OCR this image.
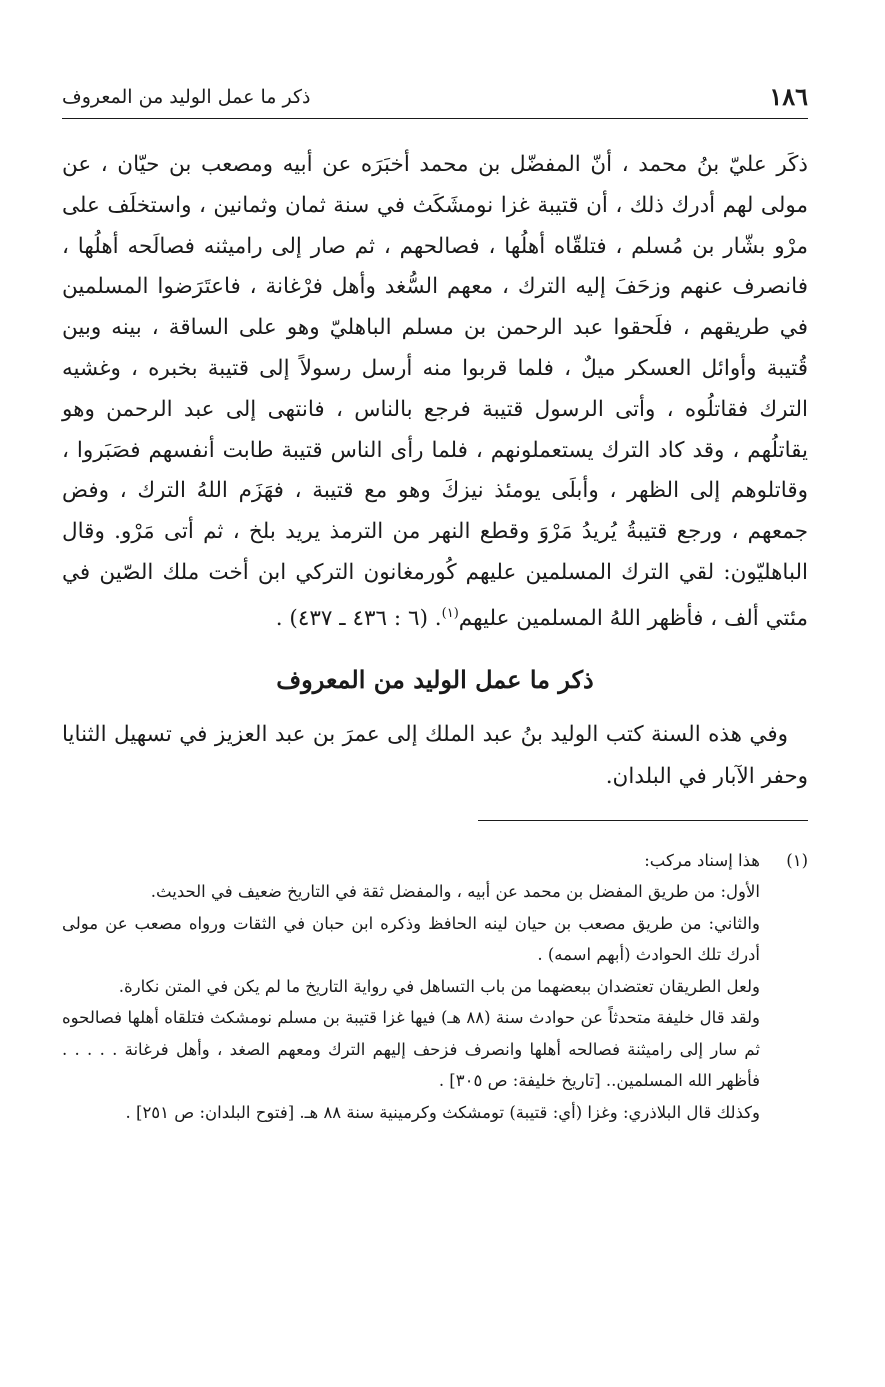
١٨٦
ذكر ما عمل الوليد من المعروف

ذكَر عليّ بنُ محمد ، أنّ المفضّل بن محمد أخبَرَه عن أبيه ومصعب بن حيّان ، عن مولى لهم أدرك ذلك ، أن قتيبة غزا نومشَكَث في سنة ثمان وثمانين ، واستخلَف على مرْو بشّار بن مُسلم ، فتلقّاه أهلُها ، فصالحهم ، ثم صار إلى راميثنه فصالَحه أهلُها ، فانصرف عنهم وزحَفَ إليه الترك ، معهم السُّغد وأهل فرْغانة ، فاعتَرَضوا المسلمين في طريقهم ، فلَحقوا عبد الرحمن بن مسلم الباهليّ وهو على الساقة ، بينه وبين قُتيبة وأوائل العسكر ميلٌ ، فلما قربوا منه أرسل رسولاً إلى قتيبة بخبره ، وغشيه الترك فقاتلُوه ، وأتى الرسول قتيبة فرجع بالناس ، فانتهى إلى عبد الرحمن وهو يقاتلُهم ، وقد كاد الترك يستعملونهم ، فلما رأى الناس قتيبة طابت أنفسهم فصَبَروا ، وقاتلوهم إلى الظهر ، وأبلَى يومئذ نيزكَ وهو مع قتيبة ، فهَزَم اللهُ الترك ، وفض جمعهم ، ورجع قتيبةُ يُريدُ مَرْوَ وقطع النهر من الترمذ يريد بلخ ، ثم أتى مَرْو. وقال الباهليّون: لقي الترك المسلمين عليهم كُورمغانون التركي ابن أخت ملك الصّين في مئتي ألف ، فأظهر اللهُ المسلمين عليهم$^{(١)}$. (٦ : ٤٣٦ ـ ٤٣٧) .

ذكر ما عمل الوليد من المعروف

وفي هذه السنة كتب الوليد بنُ عبد الملك إلى عمرَ بن عبد العزيز في تسهيل الثنايا وحفر الآبار في البلدان.

(١)
هذا إسناد مركب:

الأول: من طريق المفضل بن محمد عن أبيه ، والمفضل ثقة في التاريخ ضعيف في الحديث.

والثاني: من طريق مصعب بن حيان لينه الحافظ وذكره ابن حبان في الثقات ورواه مصعب عن مولى أدرك تلك الحوادث (أبهم اسمه) .

ولعل الطريقان تعتضدان ببعضهما من باب التساهل في رواية التاريخ ما لم يكن في المتن نكارة.

ولقد قال خليفة متحدثاً عن حوادث سنة (٨٨ هـ) فيها غزا قتيبة بن مسلم نومشكث فتلقاه أهلها فصالحوه ثم سار إلى راميثنة فصالحه أهلها وانصرف فزحف إليهم الترك ومعهم الصغد ، وأهل فرغانة . . . . . فأظهر الله المسلمين.. [تاريخ خليفة: ص ٣٠٥] .

وكذلك قال البلاذري: وغزا (أي: قتيبة) تومشكث وكرمينية سنة ٨٨ هـ. [فتوح البلدان: ص ٢٥١] .
